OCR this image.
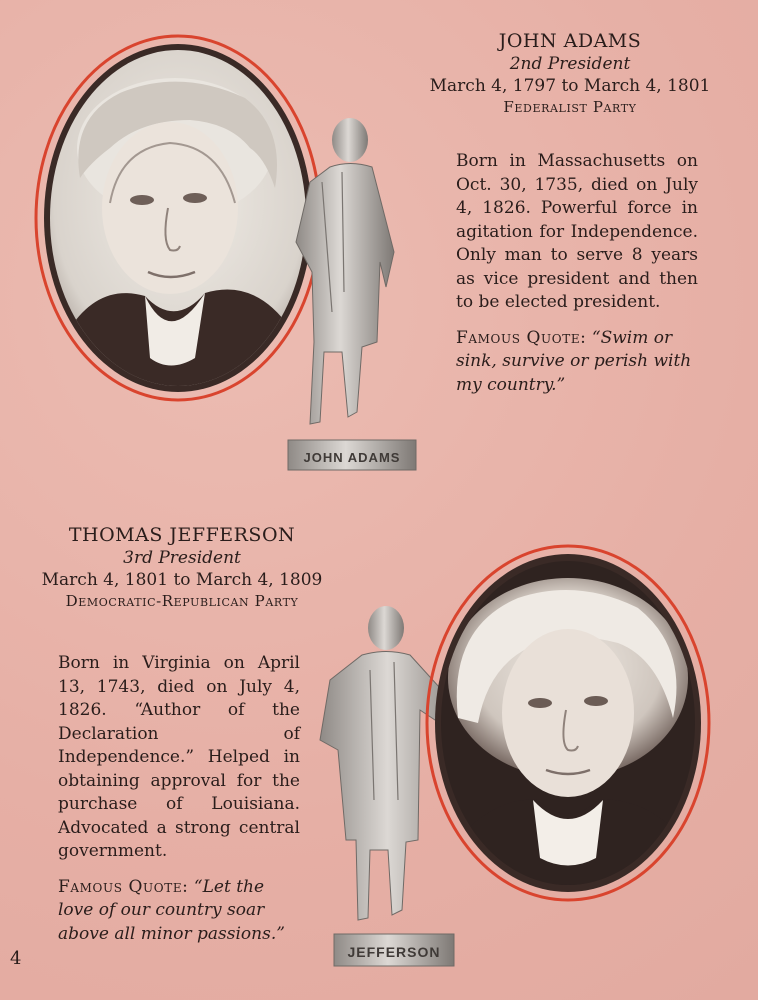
JOHN ADAMS
JOHN ADAMS
2nd President
March 4, 1797 to March 4, 1801
Federalist Party
Born in Massachusetts on Oct. 30, 1735, died on July 4, 1826. Powerful force in agitation for Independence. Only man to serve 8 years as vice president and then to be elected president.
Famous Quote: “Swim or sink, survive or perish with my country.”
THOMAS JEFFERSON
3rd President
March 4, 1801 to March 4, 1809
Democratic-Republican Party
Born in Virginia on April 13, 1743, died on July 4, 1826. “Author of the Declaration of Independence.” Helped in obtaining approval for the purchase of Louisiana. Advocated a strong central government.
Famous Quote: “Let the love of our country soar above all minor passions.”
JEFFERSON
4
